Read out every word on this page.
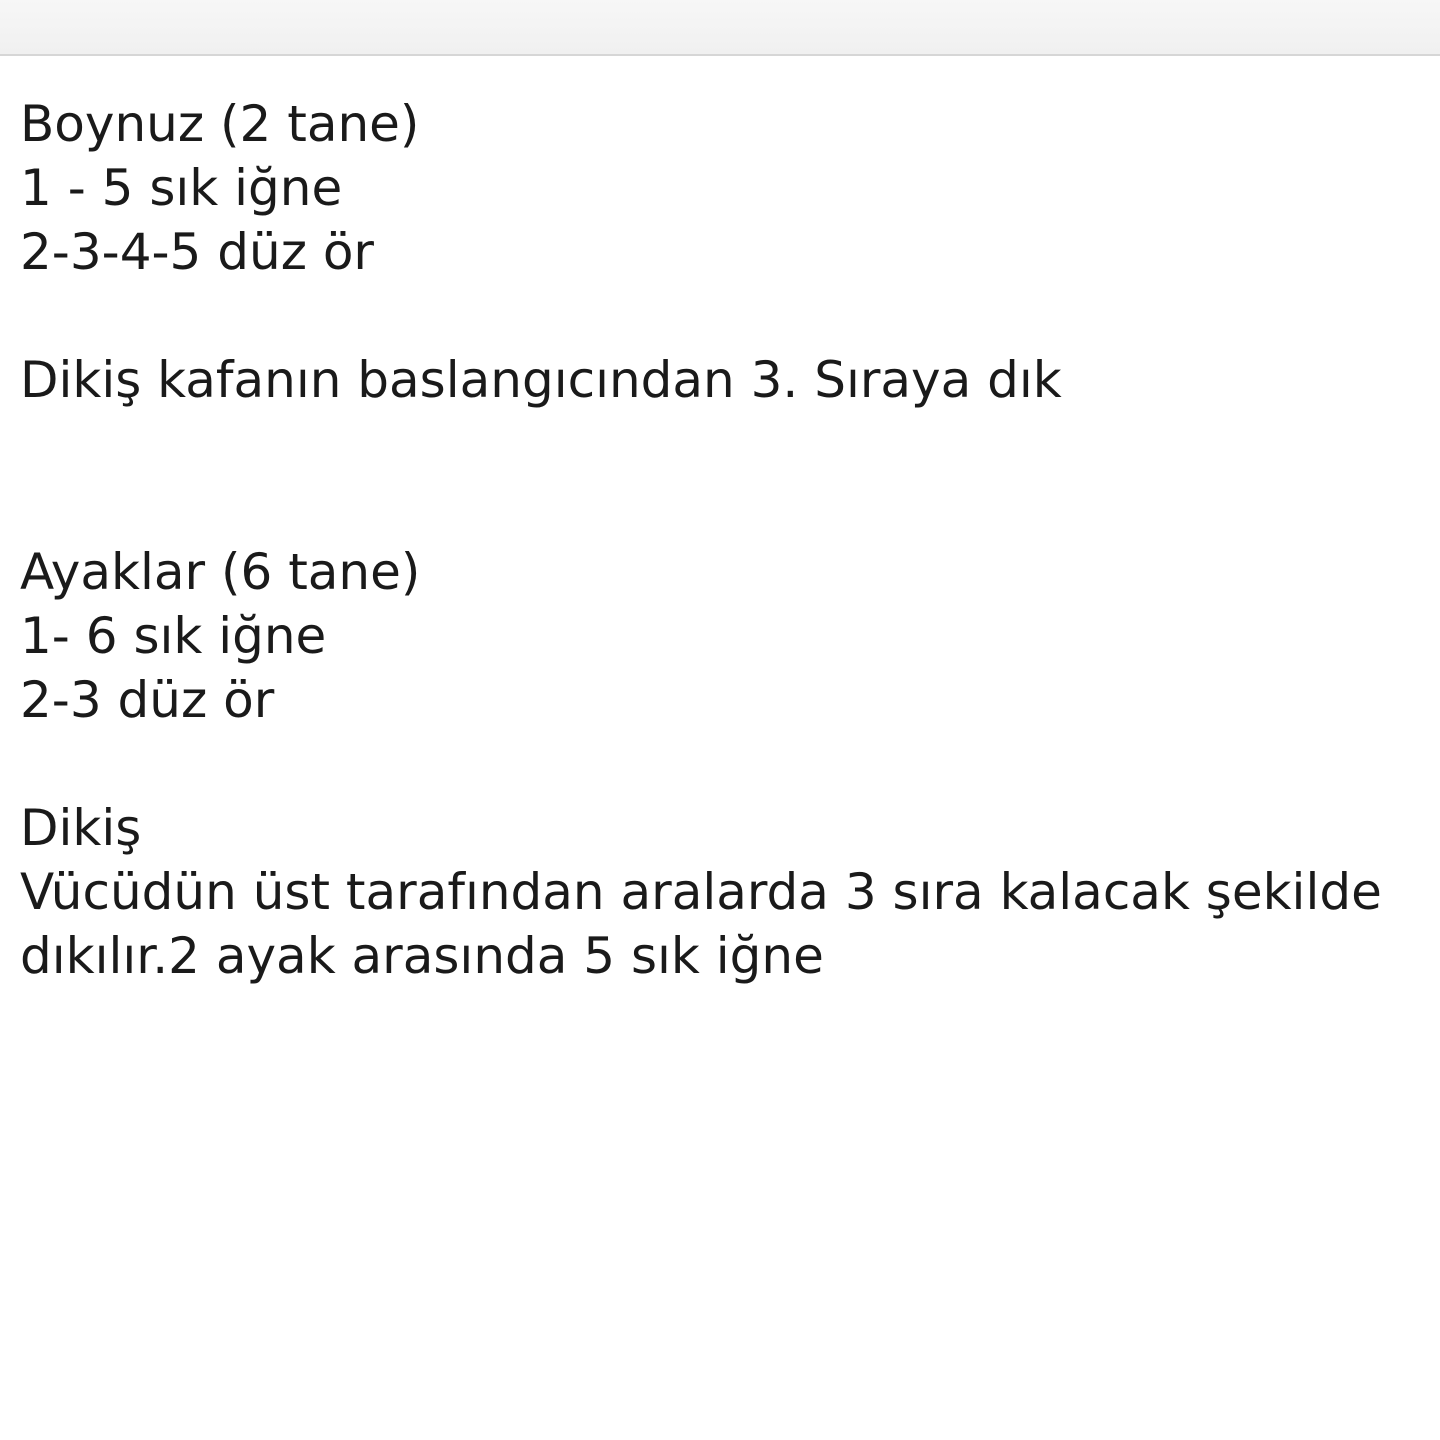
Boynuz (2 tane)
1 - 5 sık iğne
2-3-4-5 düz ör
Dikiş kafanın baslangıcından 3. Sıraya dık
Ayaklar (6 tane)
1- 6 sık iğne
2-3 düz ör
Dikiş
Vücüdün üst tarafından aralarda 3 sıra kalacak şekilde
dıkılır.2 ayak arasında 5 sık iğne
